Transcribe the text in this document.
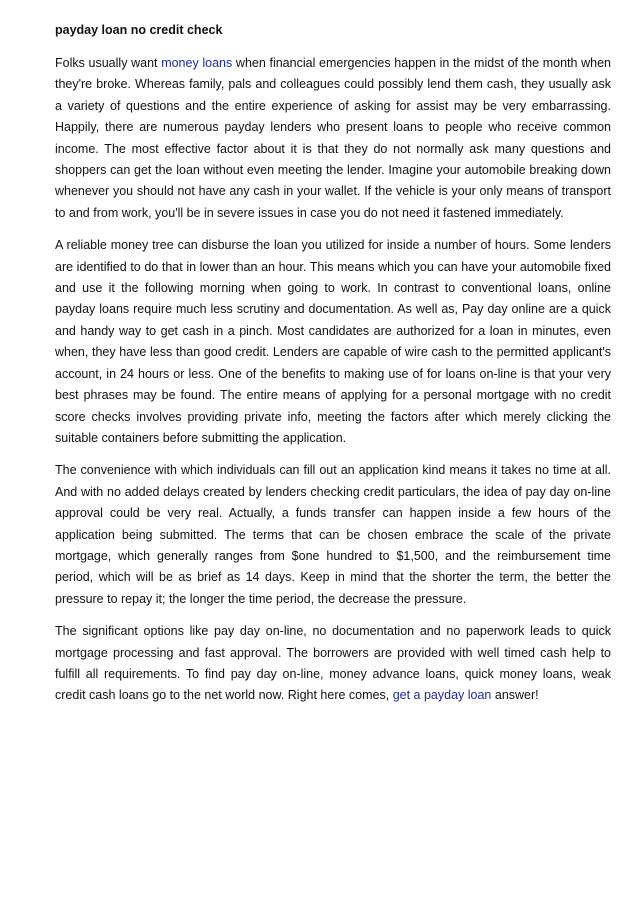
payday loan no credit check

Folks usually want money loans when financial emergencies happen in the midst of the month when they're broke. Whereas family, pals and colleagues could possibly lend them cash, they usually ask a variety of questions and the entire experience of asking for assist may be very embarrassing. Happily, there are numerous payday lenders who present loans to people who receive common income. The most effective factor about it is that they do not normally ask many questions and shoppers can get the loan without even meeting the lender. Imagine your automobile breaking down whenever you should not have any cash in your wallet. If the vehicle is your only means of transport to and from work, you'll be in severe issues in case you do not need it fastened immediately.

A reliable money tree can disburse the loan you utilized for inside a number of hours. Some lenders are identified to do that in lower than an hour. This means which you can have your automobile fixed and use it the following morning when going to work. In contrast to conventional loans, online payday loans require much less scrutiny and documentation. As well as, Pay day online are a quick and handy way to get cash in a pinch. Most candidates are authorized for a loan in minutes, even when, they have less than good credit. Lenders are capable of wire cash to the permitted applicant's account, in 24 hours or less. One of the benefits to making use of for loans on-line is that your very best phrases may be found. The entire means of applying for a personal mortgage with no credit score checks involves providing private info, meeting the factors after which merely clicking the suitable containers before submitting the application.

The convenience with which individuals can fill out an application kind means it takes no time at all. And with no added delays created by lenders checking credit particulars, the idea of pay day on-line approval could be very real. Actually, a funds transfer can happen inside a few hours of the application being submitted. The terms that can be chosen embrace the scale of the private mortgage, which generally ranges from $one hundred to $1,500, and the reimbursement time period, which will be as brief as 14 days. Keep in mind that the shorter the term, the better the pressure to repay it; the longer the time period, the decrease the pressure.

The significant options like pay day on-line, no documentation and no paperwork leads to quick mortgage processing and fast approval. The borrowers are provided with well timed cash help to fulfill all requirements. To find pay day on-line, money advance loans, quick money loans, weak credit cash loans go to the net world now. Right here comes, get a payday loan answer!
